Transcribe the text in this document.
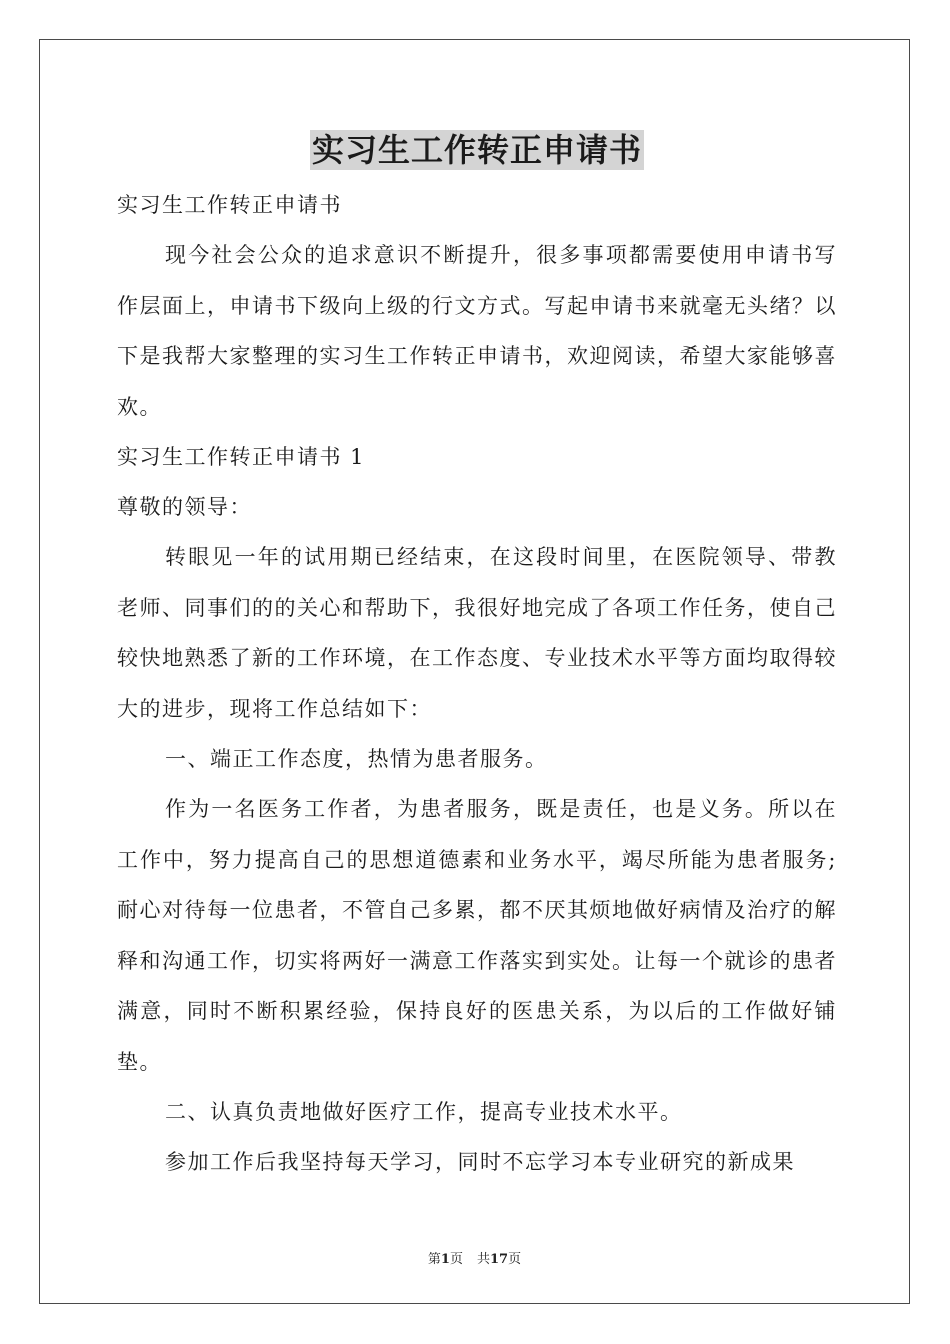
实习生工作转正申请书

实习生工作转正申请书

现今社会公众的追求意识不断提升，很多事项都需要使用申请书写作层面上，申请书下级向上级的行文方式。写起申请书来就毫无头绪？以下是我帮大家整理的实习生工作转正申请书，欢迎阅读，希望大家能够喜欢。

实习生工作转正申请书 1

尊敬的领导：

转眼见一年的试用期已经结束，在这段时间里，在医院领导、带教老师、同事们的的关心和帮助下，我很好地完成了各项工作任务，使自己较快地熟悉了新的工作环境，在工作态度、专业技术水平等方面均取得较大的进步，现将工作总结如下：

一、端正工作态度，热情为患者服务。

作为一名医务工作者，为患者服务，既是责任，也是义务。所以在工作中，努力提高自己的思想道德素和业务水平，竭尽所能为患者服务;耐心对待每一位患者，不管自己多累，都不厌其烦地做好病情及治疗的解释和沟通工作，切实将两好一满意工作落实到实处。让每一个就诊的患者满意，同时不断积累经验，保持良好的医患关系，为以后的工作做好铺垫。

二、认真负责地做好医疗工作，提高专业技术水平。

参加工作后我坚持每天学习，同时不忘学习本专业研究的新成果

第1页 共17页
